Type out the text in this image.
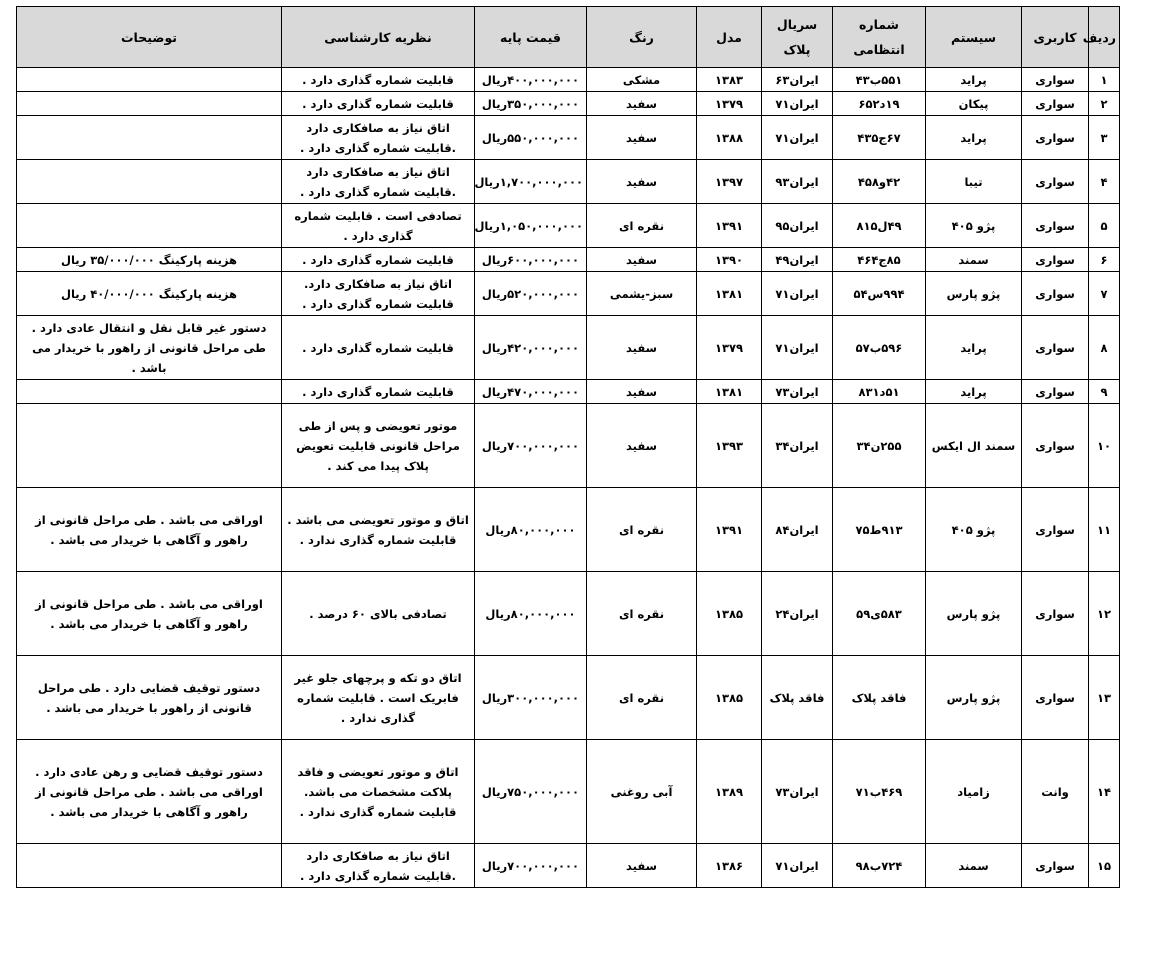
ردیف	کاربری	سیستم	شماره انتظامی	سریال پلاک	مدل	رنگ	قیمت پایه	نظریه کارشناسی	توضیحات
۱	سواری	پراید	۵۵۱ب۴۳	ایران۶۳	۱۳۸۳	مشکی	۴۰۰,۰۰۰,۰۰۰ریال	قابلیت شماره گذاری دارد .	
۲	سواری	پیکان	۱۹د۶۵۲	ایران۷۱	۱۳۷۹	سفید	۳۵۰,۰۰۰,۰۰۰ریال	قابلیت شماره گذاری دارد .	
۳	سواری	پراید	۶۷ج۴۳۵	ایران۷۱	۱۳۸۸	سفید	۵۵۰,۰۰۰,۰۰۰ریال	اتاق نیاز به صافکاری دارد .قابلیت شماره گذاری دارد .	
۴	سواری	تیبا	۴۲و۴۵۸	ایران۹۳	۱۳۹۷	سفید	۱,۷۰۰,۰۰۰,۰۰۰ریال	اتاق نیاز به صافکاری دارد .قابلیت شماره گذاری دارد .	
۵	سواری	پژو ۴۰۵	۴۹ل۸۱۵	ایران۹۵	۱۳۹۱	نقره ای	۱,۰۵۰,۰۰۰,۰۰۰ریال	تصادفی است . قابلیت شماره گذاری دارد .	
۶	سواری	سمند	۸۵ج۴۶۴	ایران۴۹	۱۳۹۰	سفید	۶۰۰,۰۰۰,۰۰۰ریال	قابلیت شماره گذاری دارد .	هزینه پارکینگ ۳۵/۰۰۰/۰۰۰ ریال
۷	سواری	پژو پارس	۹۹۴س۵۴	ایران۷۱	۱۳۸۱	سبز-یشمی	۵۲۰,۰۰۰,۰۰۰ریال	اتاق نیاز به صافکاری دارد. قابلیت شماره گذاری دارد .	هزینه پارکینگ ۴۰/۰۰۰/۰۰۰ ریال
۸	سواری	پراید	۵۹۶ب۵۷	ایران۷۱	۱۳۷۹	سفید	۴۲۰,۰۰۰,۰۰۰ریال	قابلیت شماره گذاری دارد .	دستور غیر قابل نقل و انتقال عادی دارد . طی مراحل قانونی از راهور با خریدار می باشد .
۹	سواری	پراید	۵۱د۸۳۱	ایران۷۳	۱۳۸۱	سفید	۴۷۰,۰۰۰,۰۰۰ریال	قابلیت شماره گذاری دارد .	
۱۰	سواری	سمند ال ایکس	۲۵۵ن۳۴	ایران۳۴	۱۳۹۳	سفید	۷۰۰,۰۰۰,۰۰۰ریال	موتور تعویضی و پس از طی مراحل قانونی قابلیت تعویض پلاک پیدا می کند .	
۱۱	سواری	پژو ۴۰۵	۹۱۳ط۷۵	ایران۸۴	۱۳۹۱	نقره ای	۸۰,۰۰۰,۰۰۰ریال	اتاق و موتور تعویضی می باشد . قابلیت شماره گذاری ندارد .	اوراقی می باشد . طی مراحل قانونی از راهور و آگاهی با خریدار می باشد .
۱۲	سواری	پژو پارس	۵۸۳ی۵۹	ایران۲۴	۱۳۸۵	نقره ای	۸۰,۰۰۰,۰۰۰ریال	تصادفی بالای ۶۰ درصد .	اوراقی می باشد . طی مراحل قانونی از راهور و آگاهی با خریدار می باشد .
۱۳	سواری	پژو پارس	فاقد پلاک	فاقد پلاک	۱۳۸۵	نقره ای	۳۰۰,۰۰۰,۰۰۰ریال	اتاق دو تکه و پرچهای جلو غیر فابریک است . قابلیت شماره گذاری ندارد .	دستور توقیف قضایی دارد . طی مراحل قانونی از راهور با خریدار می باشد .
۱۴	وانت	زامیاد	۴۶۹ب۷۱	ایران۷۳	۱۳۸۹	آبی روغنی	۷۵۰,۰۰۰,۰۰۰ریال	اتاق و موتور تعویضی و فاقد پلاکت مشخصات می باشد. قابلیت شماره گذاری ندارد .	دستور توقیف قضایی و رهن عادی دارد . اوراقی می باشد . طی مراحل قانونی از راهور و آگاهی با خریدار می باشد .
۱۵	سواری	سمند	۷۲۴ب۹۸	ایران۷۱	۱۳۸۶	سفید	۷۰۰,۰۰۰,۰۰۰ریال	اتاق نیاز به صافکاری دارد .قابلیت شماره گذاری دارد .	
